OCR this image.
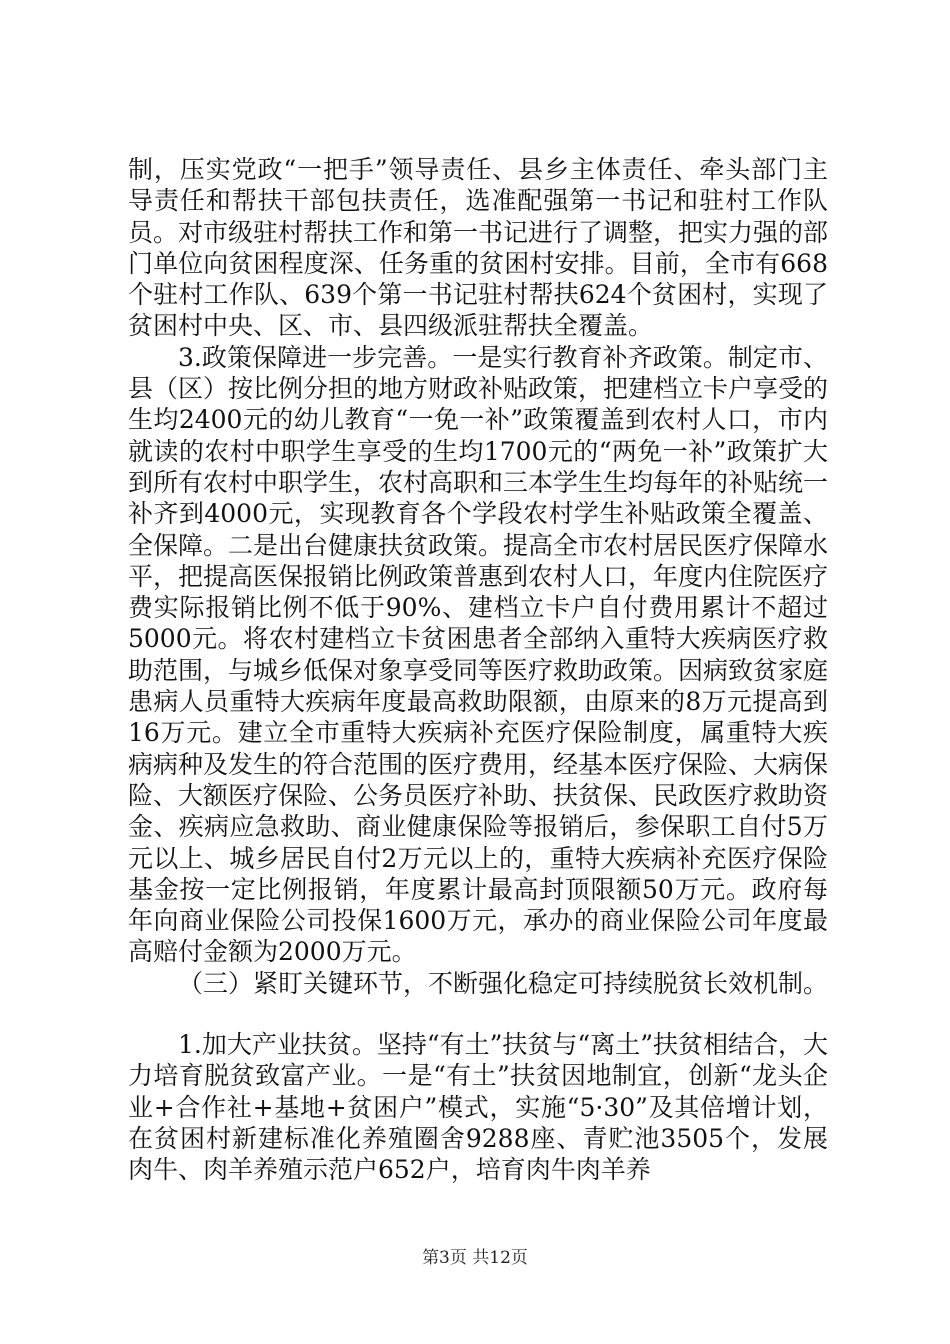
制，压实党政“一把手”领导责任、县乡主体责任、牵头部门主导责任和帮扶干部包扶责任，选准配强第一书记和驻村工作队员。对市级驻村帮扶工作和第一书记进行了调整，把实力强的部门单位向贫困程度深、任务重的贫困村安排。目前，全市有668个驻村工作队、639个第一书记驻村帮扶624个贫困村，实现了贫困村中央、区、市、县四级派驻帮扶全覆盖。

3.政策保障进一步完善。一是实行教育补齐政策。制定市、县（区）按比例分担的地方财政补贴政策，把建档立卡户享受的生均2400元的幼儿教育“一免一补”政策覆盖到农村人口，市内就读的农村中职学生享受的生均1700元的“两免一补”政策扩大到所有农村中职学生，农村高职和三本学生生均每年的补贴统一补齐到4000元，实现教育各个学段农村学生补贴政策全覆盖、全保障。二是出台健康扶贫政策。提高全市农村居民医疗保障水平，把提高医保报销比例政策普惠到农村人口，年度内住院医疗费实际报销比例不低于90%、建档立卡户自付费用累计不超过5000元。将农村建档立卡贫困患者全部纳入重特大疾病医疗救助范围，与城乡低保对象享受同等医疗救助政策。因病致贫家庭患病人员重特大疾病年度最高救助限额，由原来的8万元提高到16万元。建立全市重特大疾病补充医疗保险制度，属重特大疾病病种及发生的符合范围的医疗费用，经基本医疗保险、大病保险、大额医疗保险、公务员医疗补助、扶贫保、民政医疗救助资金、疾病应急救助、商业健康保险等报销后，参保职工自付5万元以上、城乡居民自付2万元以上的，重特大疾病补充医疗保险基金按一定比例报销，年度累计最高封顶限额50万元。政府每年向商业保险公司投保1600万元，承办的商业保险公司年度最高赔付金额为2000万元。

（三）紧盯关键环节，不断强化稳定可持续脱贫长效机制。

1.加大产业扶贫。坚持“有土”扶贫与“离土”扶贫相结合，大力培育脱贫致富产业。一是“有土”扶贫因地制宜，创新“龙头企业+合作社+基地+贫困户”模式，实施“5·30”及其倍增计划，在贫困村新建标准化养殖圈舍9288座、青贮池3505个，发展肉牛、肉羊养殖示范户652户，培育肉牛肉羊养

第3页 共12页
